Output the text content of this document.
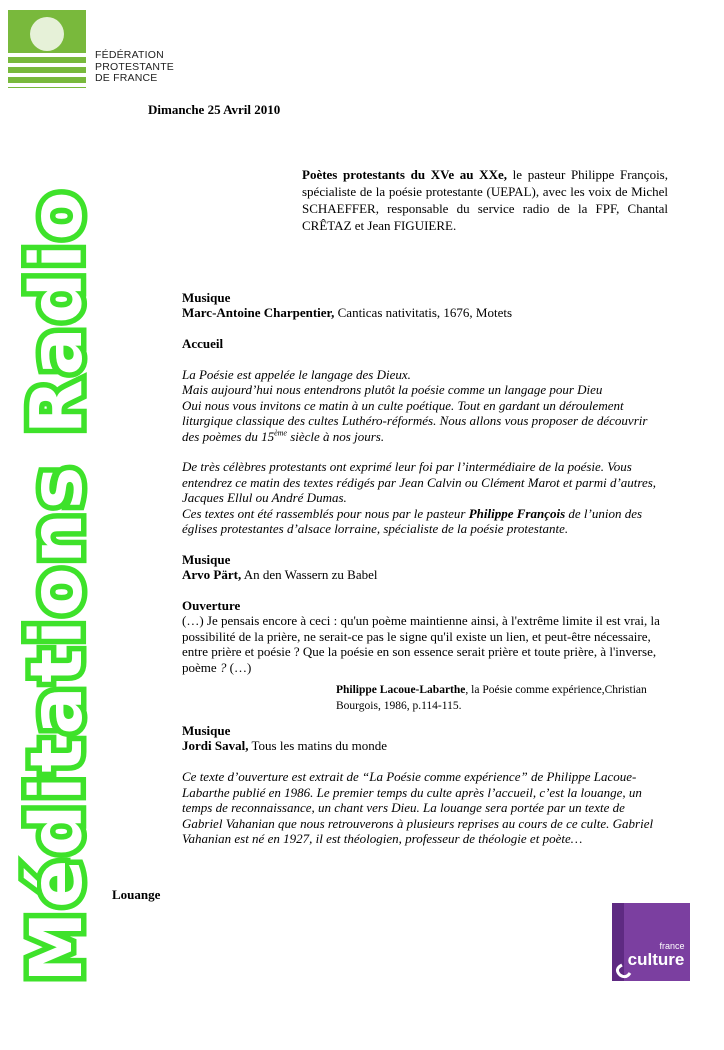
FÉDÉRATION
PROTESTANTE
DE FRANCE
Méditations Radio
Dimanche 25 Avril 2010
Poètes protestants du XVe au XXe, le pasteur Philippe François, spécialiste de la poésie protestante (UEPAL), avec les voix de Michel SCHAEFFER, responsable du service radio de la FPF, Chantal CRÊTAZ et Jean FIGUIERE.
Musique
Marc-Antoine Charpentier, Canticas nativitatis, 1676, Motets
Accueil
La Poésie est appelée le langage des Dieux.
Mais aujourd’hui nous entendrons plutôt la poésie comme un langage pour Dieu
Oui nous vous invitons ce matin à un culte poétique. Tout en gardant un déroulement liturgique classique des cultes Luthéro-réformés. Nous allons vous proposer de découvrir des poèmes du 15ème siècle à nos jours.
De très célèbres protestants ont exprimé leur foi par l’intermédiaire de la poésie. Vous entendrez ce matin des textes rédigés par Jean Calvin ou Clément Marot et parmi d’autres, Jacques Ellul ou André Dumas.
Ces textes ont été rassemblés pour nous par le pasteur Philippe François de l’union des églises protestantes d’alsace lorraine, spécialiste de la poésie protestante.
Musique
Arvo Pärt, An den Wassern zu Babel
Ouverture
(…) Je pensais encore à ceci : qu'un poème maintienne ainsi, à l'extrême limite il est vrai, la possibilité de la prière, ne serait-ce pas le signe qu'il existe un lien, et peut-être nécessaire, entre prière et poésie ? Que la poésie en son essence serait prière et toute prière, à l'inverse, poème ? (…)
Philippe Lacoue-Labarthe, la Poésie comme expérience,Christian Bourgois, 1986, p.114-115.
Musique
Jordi Saval, Tous les matins du monde
Ce texte d’ouverture est extrait de “La Poésie comme expérience” de Philippe Lacoue-Labarthe publié en 1986. Le premier temps du culte après l’accueil, c’est la louange, un temps de reconnaissance, un chant vers Dieu. La louange sera portée par un texte de Gabriel Vahanian que nous retrouverons à plusieurs reprises au cours de ce culte. Gabriel Vahanian est né en 1927, il est théologien, professeur de théologie et poète…
Louange
france
culture
